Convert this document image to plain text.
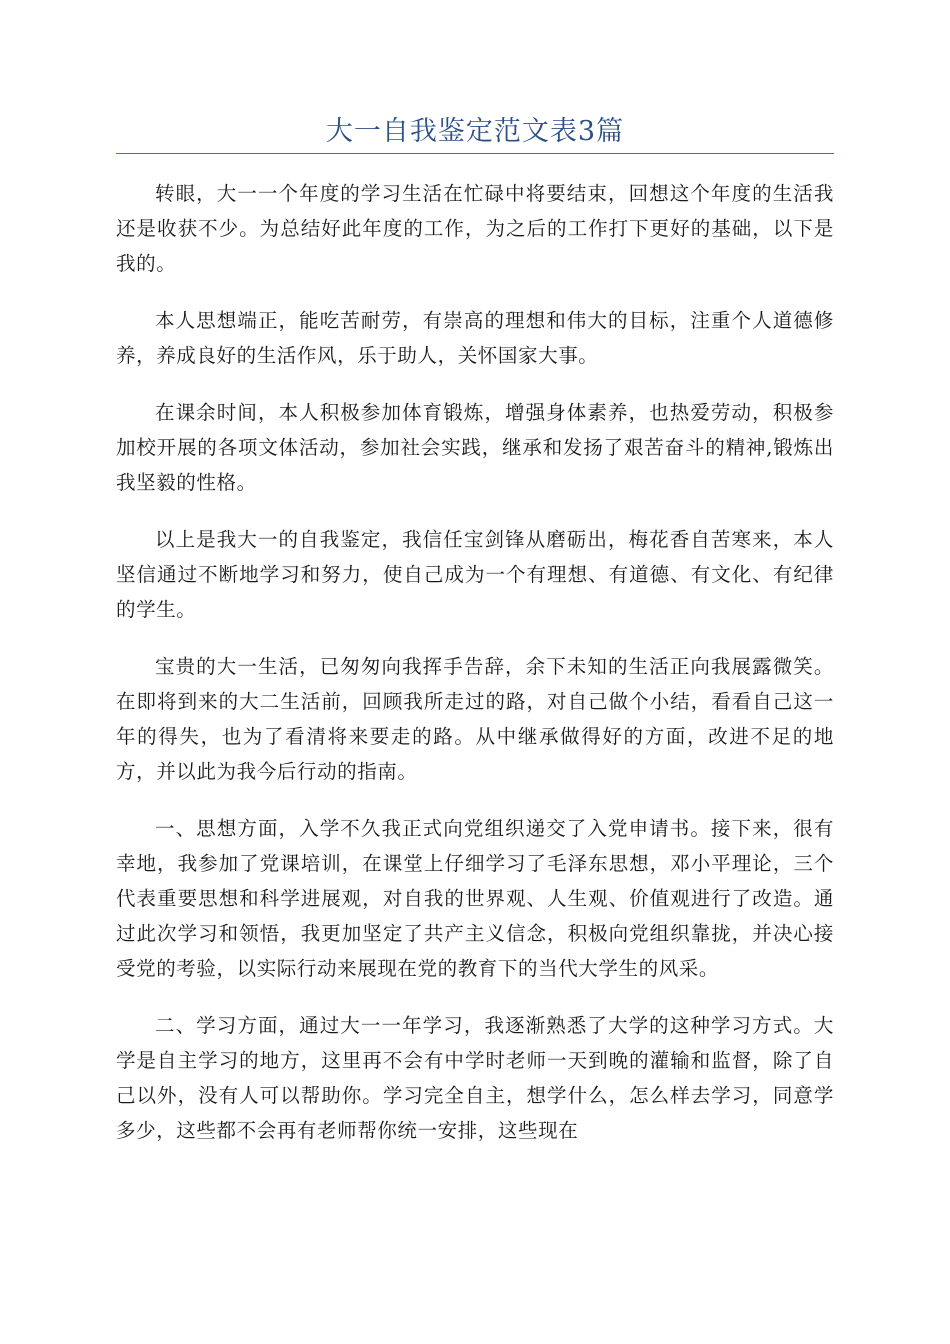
大一自我鉴定范文表3篇

转眼，大一一个年度的学习生活在忙碌中将要结束，回想这个年度的生活我还是收获不少。为总结好此年度的工作，为之后的工作打下更好的基础，以下是我的。

本人思想端正，能吃苦耐劳，有崇高的理想和伟大的目标，注重个人道德修养，养成良好的生活作风，乐于助人，关怀国家大事。

在课余时间，本人积极参加体育锻炼，增强身体素养，也热爱劳动，积极参加校开展的各项文体活动，参加社会实践，继承和发扬了艰苦奋斗的精神,锻炼出我坚毅的性格。

以上是我大一的自我鉴定，我信任宝剑锋从磨砺出，梅花香自苦寒来，本人坚信通过不断地学习和努力，使自己成为一个有理想、有道德、有文化、有纪律的学生。

宝贵的大一生活，已匆匆向我挥手告辞，余下未知的生活正向我展露微笑。在即将到来的大二生活前，回顾我所走过的路，对自己做个小结，看看自己这一年的得失，也为了看清将来要走的路。从中继承做得好的方面，改进不足的地方，并以此为我今后行动的指南。

一、思想方面，入学不久我正式向党组织递交了入党申请书。接下来，很有幸地，我参加了党课培训，在课堂上仔细学习了毛泽东思想，邓小平理论，三个代表重要思想和科学进展观，对自我的世界观、人生观、价值观进行了改造。通过此次学习和领悟，我更加坚定了共产主义信念，积极向党组织靠拢，并决心接受党的考验，以实际行动来展现在党的教育下的当代大学生的风采。

二、学习方面，通过大一一年学习，我逐渐熟悉了大学的这种学习方式。大学是自主学习的地方，这里再不会有中学时老师一天到晚的灌输和监督，除了自己以外，没有人可以帮助你。学习完全自主，想学什么，怎么样去学习，同意学多少，这些都不会再有老师帮你统一安排，这些现在
